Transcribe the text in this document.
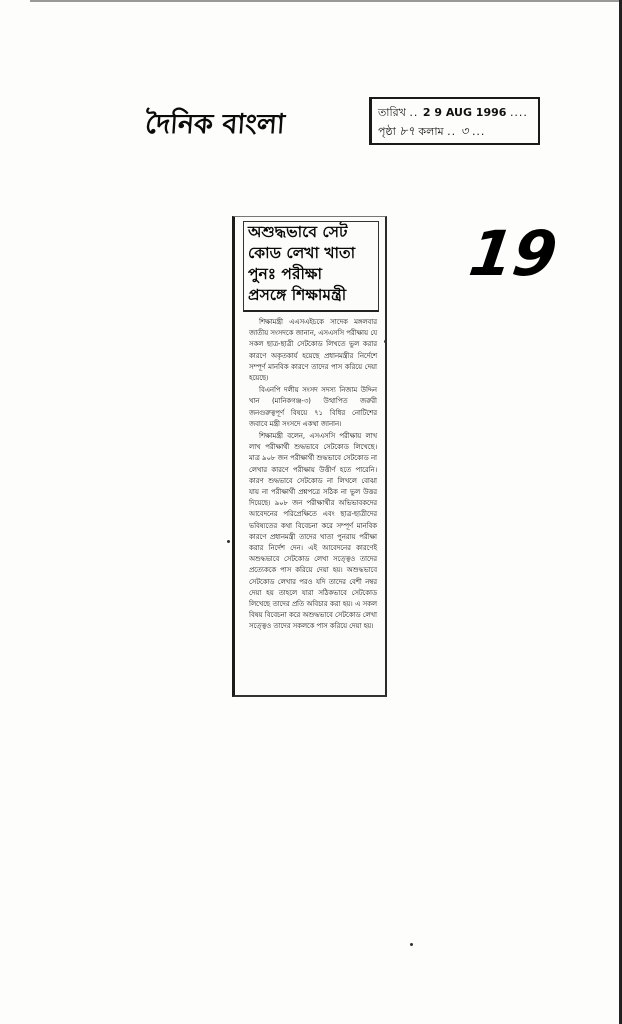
দৈনিক বাংলা	তারিখ .. 2 9 AUG 1996 ....
পৃষ্ঠা ৮৭ কলাম .. ৩ ...
19
অশুদ্ধভাবে সেট
কোড লেখা খাতা
পুনঃ পরীক্ষা
প্রসঙ্গে শিক্ষামন্ত্রী

শিক্ষামন্ত্রী এএসএইচকে সাদেক মঙ্গলবার জাতীয় সংসদকে জানান, এসএসসি পরীক্ষায় যে সকল ছাত্র-ছাত্রী সেটকোড লিখতে ভুল করার কারণে অকৃতকার্য হয়েছে প্রধানমন্ত্রীর নির্দেশে সম্পূর্ণ মানবিক কারণে তাদের পাস করিয়ে দেয়া হয়েছে।

বিএনপি দলীয় সংসদ সদস্য নিজাম উদ্দিন খান (মানিকগঞ্জ-৩) উত্থাপিত জরুরী জনগুরুত্বপূর্ণ বিষয়ে ৭১ বিধির নোটিশের জবাবে মন্ত্রী সংসদে একথা জানান।

শিক্ষামন্ত্রী বলেন, এসএসসি পরীক্ষায় লাখ লাখ পরীক্ষার্থী শুদ্ধভাবে সেটকোড লিখেছে। মাত্র ৯০৮ জন পরীক্ষার্থী শুদ্ধভাবে সেটকোড না লেখার কারণে পরীক্ষায় উত্তীর্ণ হতে পারেনি। কারণ শুদ্ধভাবে সেটকোড না লিখলে বোঝা যায় না পরীক্ষার্থী প্রশ্নপত্রে সঠিক না ভুল উত্তর দিয়েছে। ৯০৮ জন পরীক্ষার্থীর অভিভাবকদের আবেদনের পরিপ্রেক্ষিতে এবং ছাত্র-ছাত্রীদের ভবিষ্যতের কথা বিবেচনা করে সম্পূর্ণ মানবিক কারণে প্রধানমন্ত্রী তাদের খাতা পুনরায় পরীক্ষা করার নির্দেশ দেন। এই আবেদনের কারণেই অশুদ্ধভাবে সেটকোড লেখা সত্ত্বেও তাদের প্রত্যেককে পাস করিয়ে দেয়া হয়। অশুদ্ধভাবে সেটকোড লেখার পরও যদি তাদের বেশী নম্বর দেয়া হয় তাহলে যারা সঠিকভাবে সেটকোড লিখেছে তাদের প্রতি অবিচার করা হয়। এ সকল বিষয় বিবেচনা করে অশুদ্ধভাবে সেটকোড লেখা সত্ত্বেও তাদের সকলকে পাস করিয়ে দেয়া হয়।
